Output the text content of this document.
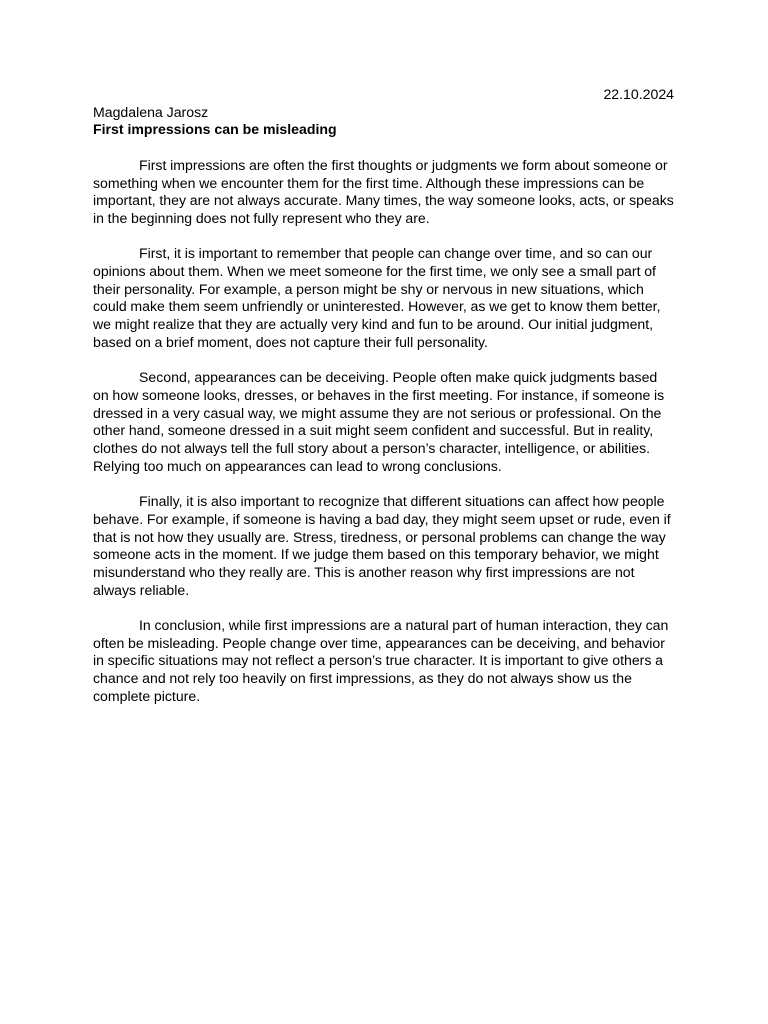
22.10.2024

Magdalena Jarosz

First impressions can be misleading

First impressions are often the first thoughts or judgments we form about someone or something when we encounter them for the first time. Although these impressions can be important, they are not always accurate. Many times, the way someone looks, acts, or speaks in the beginning does not fully represent who they are.

First, it is important to remember that people can change over time, and so can our opinions about them. When we meet someone for the first time, we only see a small part of their personality. For example, a person might be shy or nervous in new situations, which could make them seem unfriendly or uninterested. However, as we get to know them better, we might realize that they are actually very kind and fun to be around. Our initial judgment, based on a brief moment, does not capture their full personality.

Second, appearances can be deceiving. People often make quick judgments based on how someone looks, dresses, or behaves in the first meeting. For instance, if someone is dressed in a very casual way, we might assume they are not serious or professional. On the other hand, someone dressed in a suit might seem confident and successful. But in reality, clothes do not always tell the full story about a person’s character, intelligence, or abilities. Relying too much on appearances can lead to wrong conclusions.

Finally, it is also important to recognize that different situations can affect how people behave. For example, if someone is having a bad day, they might seem upset or rude, even if that is not how they usually are. Stress, tiredness, or personal problems can change the way someone acts in the moment. If we judge them based on this temporary behavior, we might misunderstand who they really are. This is another reason why first impressions are not always reliable.

In conclusion, while first impressions are a natural part of human interaction, they can often be misleading. People change over time, appearances can be deceiving, and behavior in specific situations may not reflect a person’s true character. It is important to give others a chance and not rely too heavily on first impressions, as they do not always show us the complete picture.
